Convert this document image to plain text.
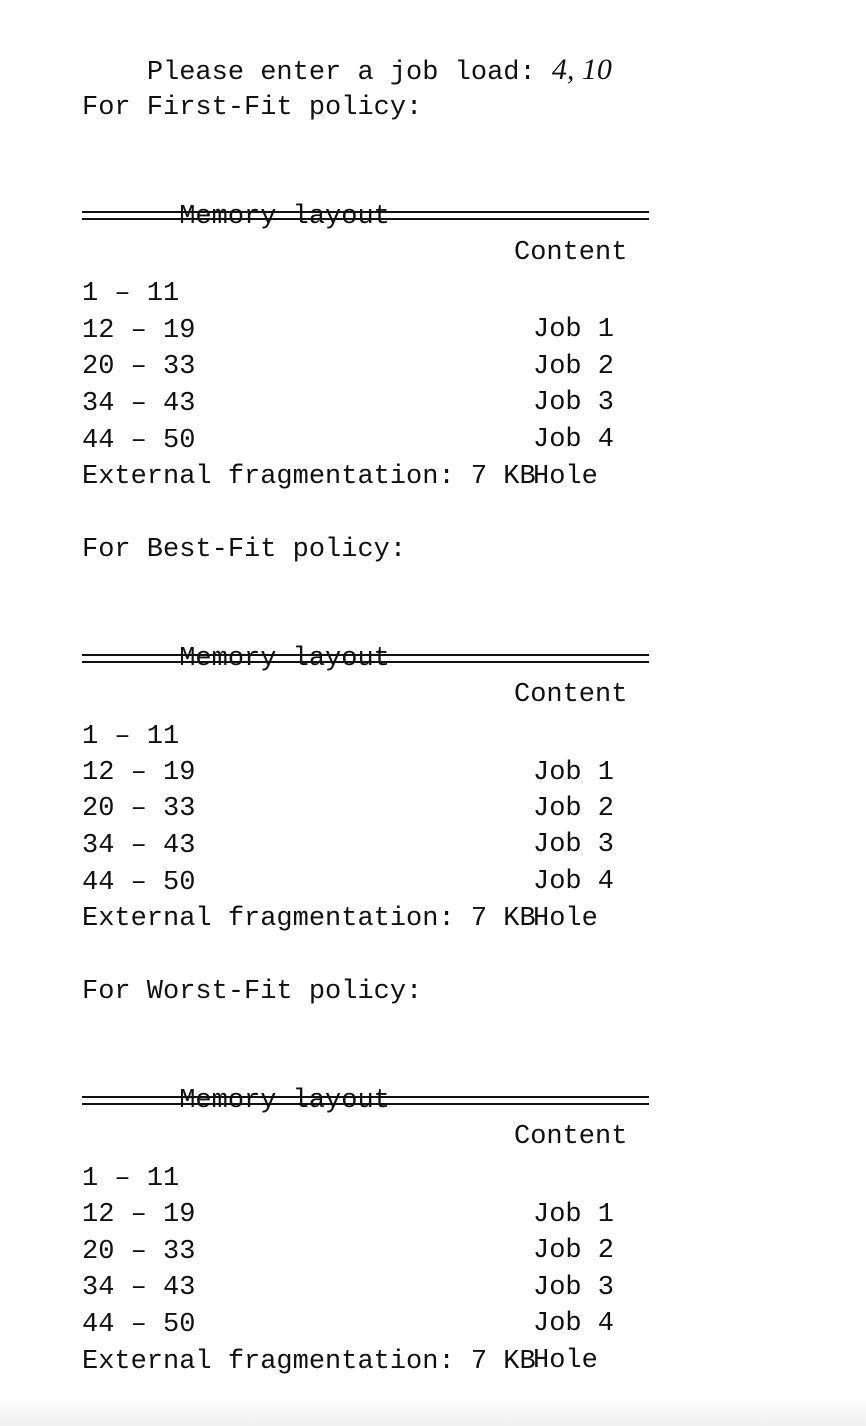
Please enter a job load: 4, 10

For First-Fit policy:

Memory layout

Content

1 – 11

Job 1

12 – 19

Job 2

20 – 33

Job 3

34 – 43

Job 4

44 – 50

Hole

External fragmentation: 7 KB
For Best-Fit policy:

Memory layout

Content

1 – 11

Job 1

12 – 19

Job 2

20 – 33

Job 3

34 – 43

Job 4

44 – 50

Hole

External fragmentation: 7 KB
For Worst-Fit policy:

Memory layout

Content

1 – 11

Job 1

12 – 19

Job 2

20 – 33

Job 3

34 – 43

Job 4

44 – 50

Hole

External fragmentation: 7 KB
